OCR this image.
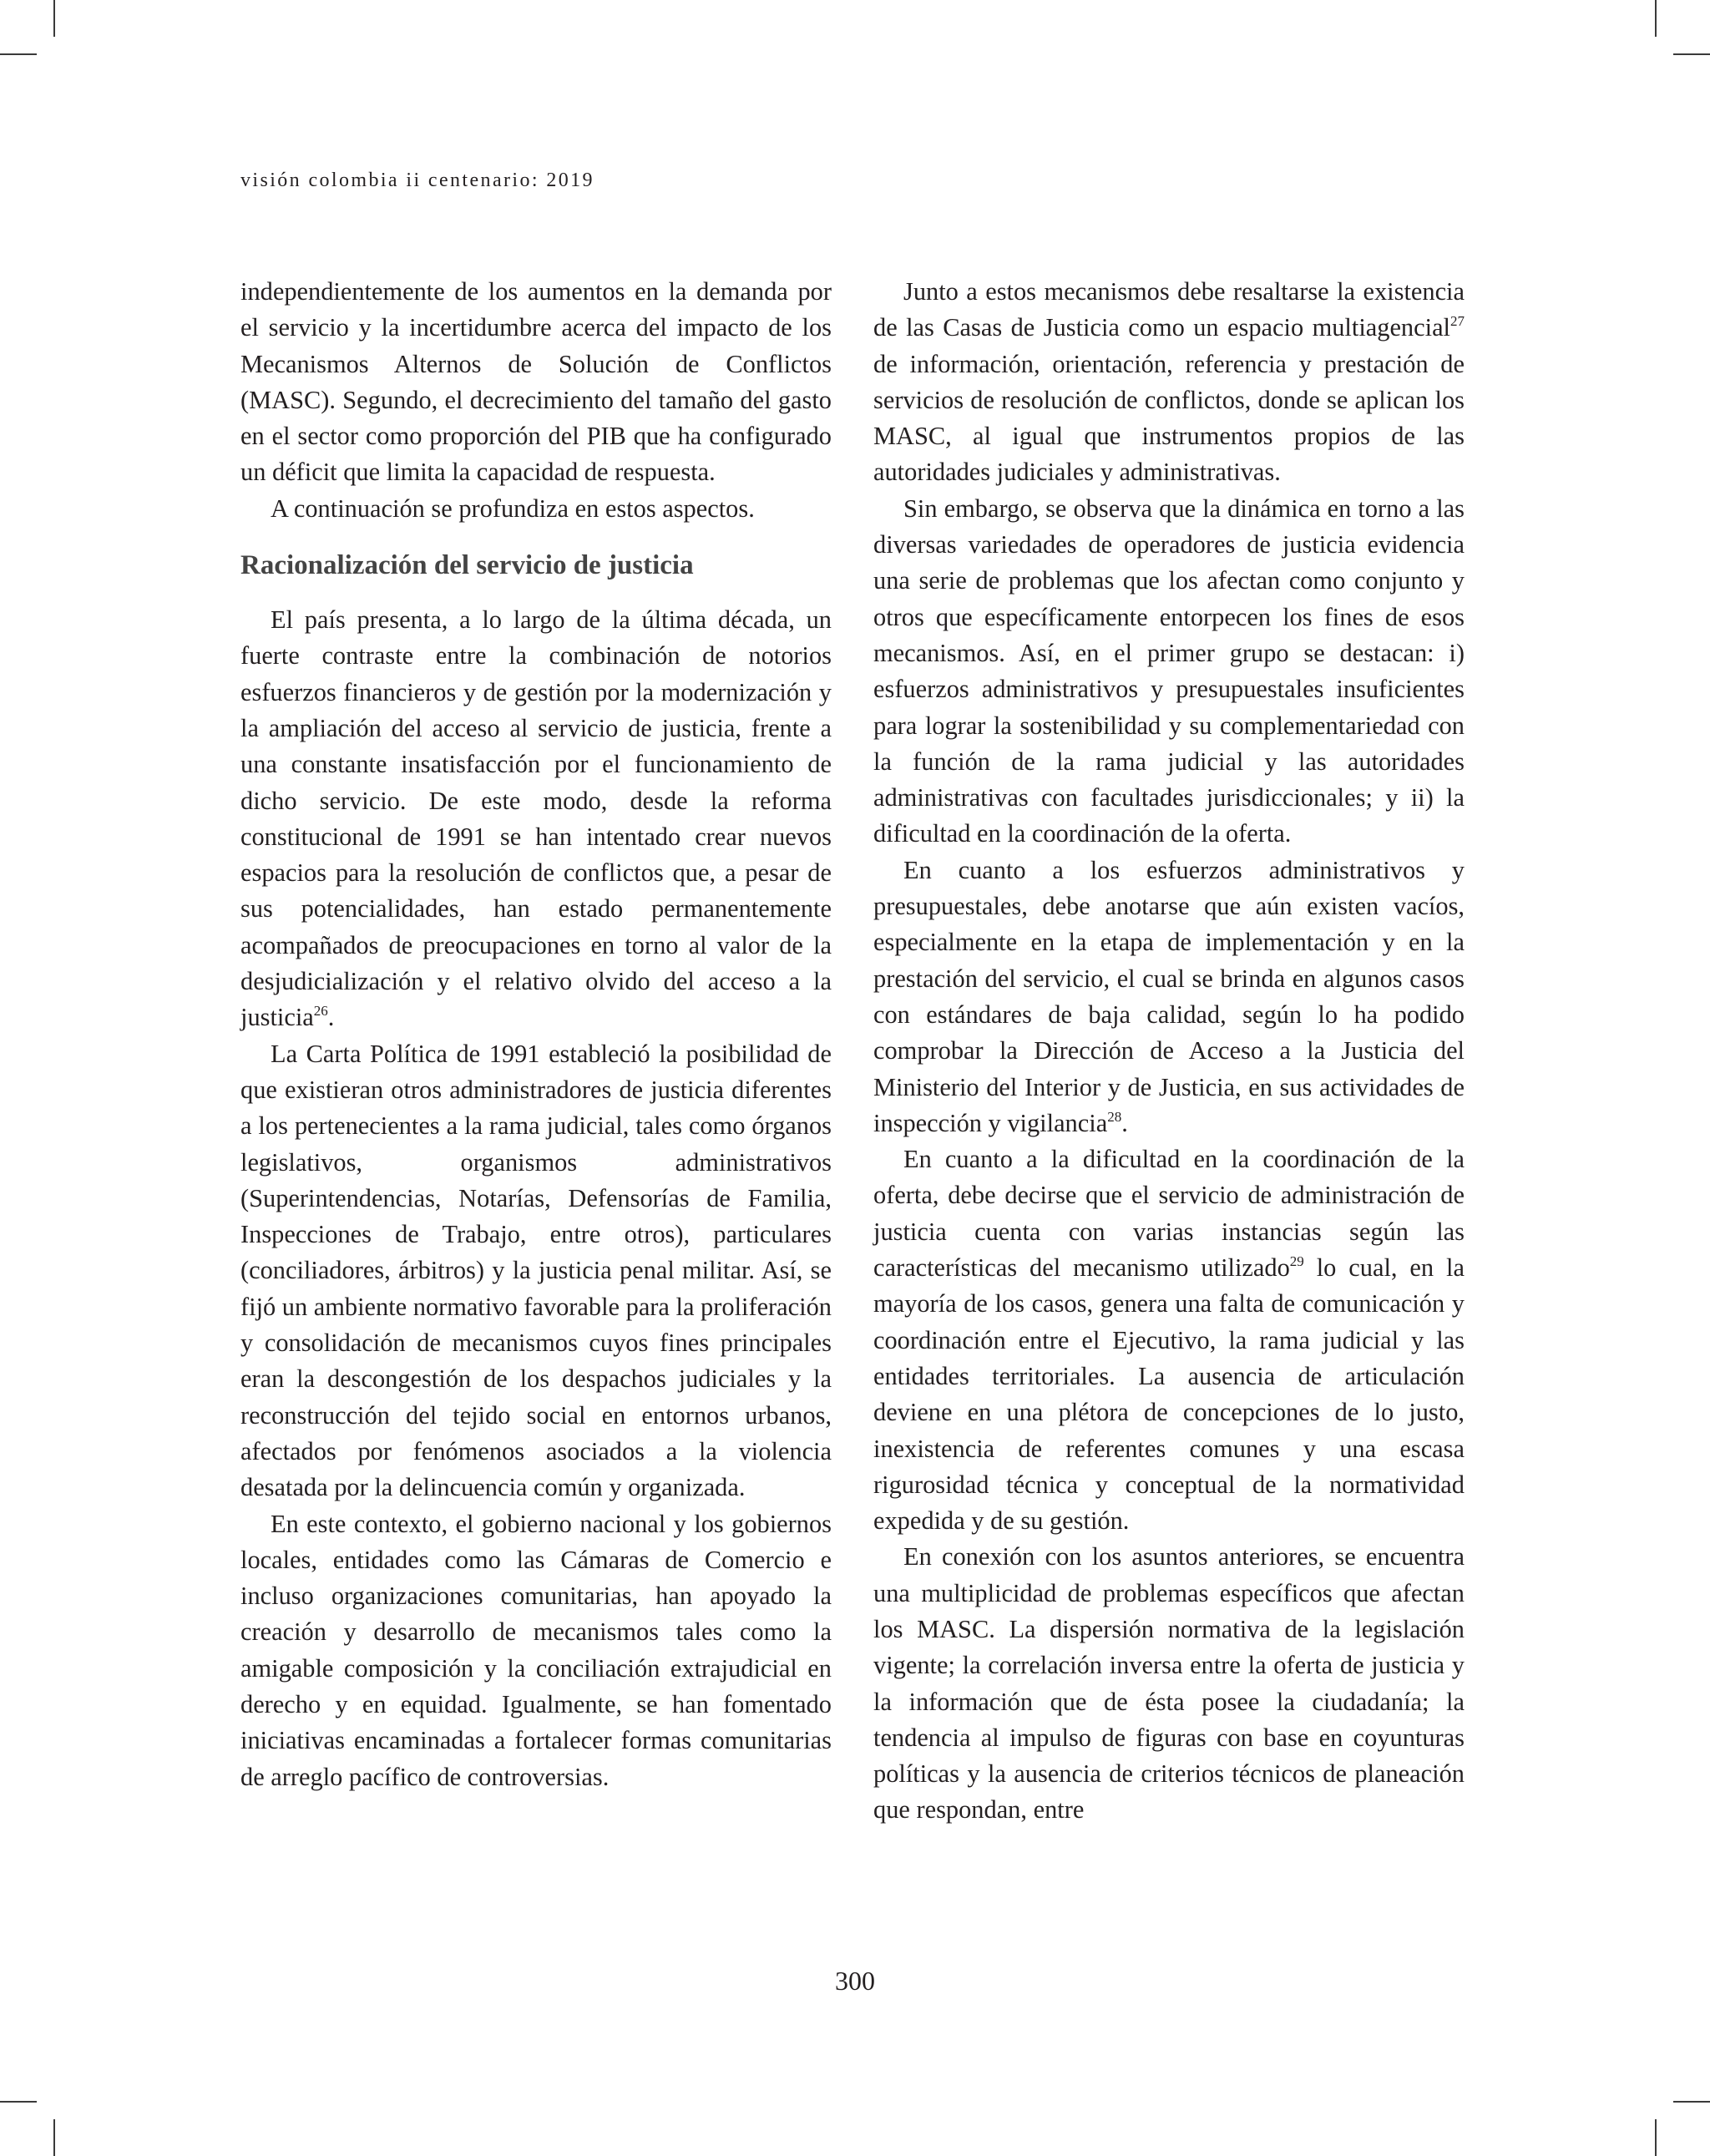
visión colombia ii centenario: 2019

independientemente de los aumentos en la demanda por el servicio y la incertidumbre acerca del impacto de los Mecanismos Alternos de Solución de Conflictos (MASC). Segundo, el decrecimiento del tamaño del gasto en el sector como proporción del PIB que ha configurado un déficit que limita la capacidad de respuesta.

A continuación se profundiza en estos aspectos.

Racionalización del servicio de justicia

El país presenta, a lo largo de la última década, un fuerte contraste entre la combinación de notorios esfuerzos financieros y de gestión por la modernización y la ampliación del acceso al servicio de justicia, frente a una constante insatisfacción por el funcionamiento de dicho servicio. De este modo, desde la reforma constitucional de 1991 se han intentado crear nuevos espacios para la resolución de conflictos que, a pesar de sus potencialidades, han estado permanentemente acompañados de preocupaciones en torno al valor de la desjudicialización y el relativo olvido del acceso a la justicia$^{26}$.

La Carta Política de 1991 estableció la posibilidad de que existieran otros administradores de justicia diferentes a los pertenecientes a la rama judicial, tales como órganos legislativos, organismos administrativos (Superintendencias, Notarías, Defensorías de Familia, Inspecciones de Trabajo, entre otros), particulares (conciliadores, árbitros) y la justicia penal militar. Así, se fijó un ambiente normativo favorable para la proliferación y consolidación de mecanismos cuyos fines principales eran la descongestión de los despachos judiciales y la reconstrucción del tejido social en entornos urbanos, afectados por fenómenos asociados a la violencia desatada por la delincuencia común y organizada.

En este contexto, el gobierno nacional y los gobiernos locales, entidades como las Cámaras de Comercio e incluso organizaciones comunitarias, han apoyado la creación y desarrollo de mecanismos tales como la amigable composición y la conciliación extrajudicial en derecho y en equidad. Igualmente, se han fomentado iniciativas encaminadas a fortalecer formas comunitarias de arreglo pacífico de controversias.

Junto a estos mecanismos debe resaltarse la existencia de las Casas de Justicia como un espacio multiagencial$^{27}$ de información, orientación, referencia y prestación de servicios de resolución de conflictos, donde se aplican los MASC, al igual que instrumentos propios de las autoridades judiciales y administrativas.

Sin embargo, se observa que la dinámica en torno a las diversas variedades de operadores de justicia evidencia una serie de problemas que los afectan como conjunto y otros que específicamente entorpecen los fines de esos mecanismos. Así, en el primer grupo se destacan: i) esfuerzos administrativos y presupuestales insuficientes para lograr la sostenibilidad y su complementariedad con la función de la rama judicial y las autoridades administrativas con facultades jurisdiccionales; y ii) la dificultad en la coordinación de la oferta.

En cuanto a los esfuerzos administrativos y presupuestales, debe anotarse que aún existen vacíos, especialmente en la etapa de implementación y en la prestación del servicio, el cual se brinda en algunos casos con estándares de baja calidad, según lo ha podido comprobar la Dirección de Acceso a la Justicia del Ministerio del Interior y de Justicia, en sus actividades de inspección y vigilancia$^{28}$.

En cuanto a la dificultad en la coordinación de la oferta, debe decirse que el servicio de administración de justicia cuenta con varias instancias según las características del mecanismo utilizado$^{29}$ lo cual, en la mayoría de los casos, genera una falta de comunicación y coordinación entre el Ejecutivo, la rama judicial y las entidades territoriales. La ausencia de articulación deviene en una plétora de concepciones de lo justo, inexistencia de referentes comunes y una escasa rigurosidad técnica y conceptual de la normatividad expedida y de su gestión.

En conexión con los asuntos anteriores, se encuentra una multiplicidad de problemas específicos que afectan los MASC. La dispersión normativa de la legislación vigente; la correlación inversa entre la oferta de justicia y la información que de ésta posee la ciudadanía; la tendencia al impulso de figuras con base en coyunturas políticas y la ausencia de criterios técnicos de planeación que respondan, entre

300
